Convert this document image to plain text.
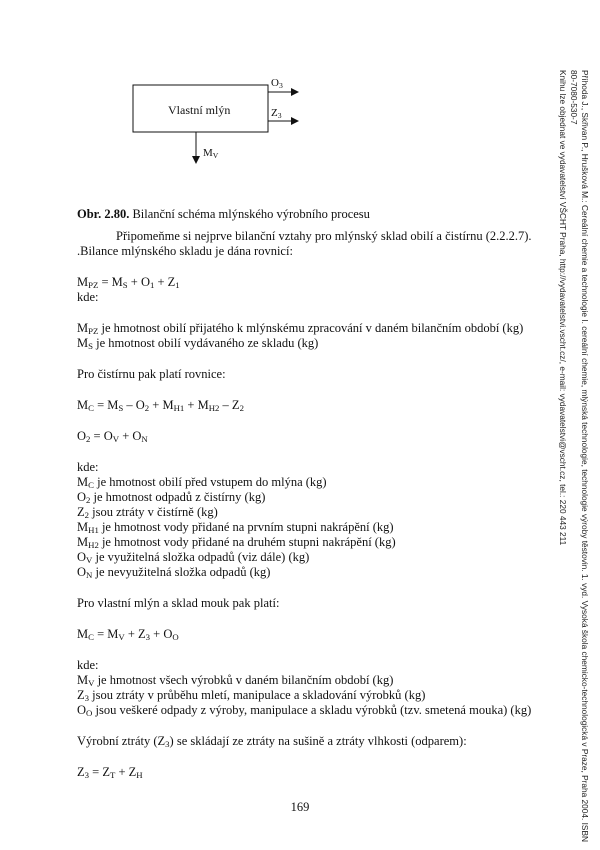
Vlastní mlýn
$O_3$
$Z_3$
$M_V$
Obr. 2.80. Bilanční schéma mlýnského výrobního procesu

Připomeňme si nejprve bilanční vztahy pro mlýnský sklad obilí a čistírnu (2.2.2.7).

.Bilance mlýnského skladu je dána rovnicí:

$M_{PZ} = M_S + O_1 + Z_1$

kde:

$M_{PZ}$ je hmotnost obilí přijatého k mlýnskému zpracování v daném bilančním období (kg)

$M_S$ je hmotnost obilí vydávaného ze skladu (kg)

Pro čistírnu pak platí rovnice:

$M_C = M_S - O_2 + M_{H1} + M_{H2} - Z_2$

$O_2 = O_V + O_N$

kde:

$M_C$ je hmotnost obilí před vstupem do mlýna (kg)

$O_2$ je hmotnost odpadů z čistírny (kg)

$Z_2$ jsou ztráty v čistírně (kg)

$M_{H1}$ je hmotnost vody přidané na prvním stupni nakrápění (kg)

$M_{H2}$ je hmotnost vody přidané na druhém stupni nakrápění (kg)

$O_V$ je využitelná složka odpadů (viz dále) (kg)

$O_N$ je nevyužitelná složka odpadů (kg)

Pro vlastní mlýn a sklad mouk pak platí:

$M_C = M_V + Z_3 + O_O$

kde:

$M_V$ je hmotnost všech výrobků v daném bilančním období (kg)

$Z_3$ jsou ztráty v průběhu mletí, manipulace a skladování výrobků (kg)

$O_O$ jsou veškeré odpady z výroby, manipulace a skladu výrobků (tzv. smetená mouka) (kg)

Výrobní ztráty $(Z_3)$ se skládají ze ztráty na sušině a ztráty vlhkosti (odparem):

$Z_3 = Z_T + Z_H$

169	Příhoda J., Skřivan P., Hrušková M.: Cereální chemie a technologie I. cereální chemie, mlýnská technologie, technologie výroby těstovin. 1. vyd. Vysoká škola chemicko-technologická v Praze, Praha 2004. ISBN

80-7080-530-7

Knihu lze objednat ve vydavatelství VŠCHT Praha, http://vydavatelstvi.vscht.cz/, e-mail: vydavatelstvi@vscht.cz, tel.: 220 443 211
